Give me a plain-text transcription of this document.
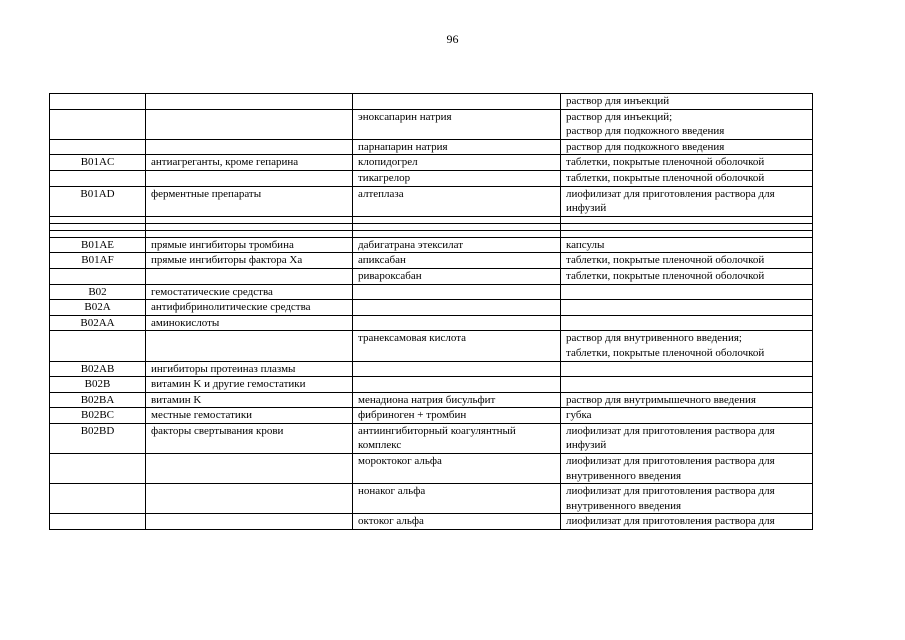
96
			раствор для инъекций
		эноксапарин натрия	раствор для инъекций;
раствор для подкожного введения
		парнапарин натрия	раствор для подкожного введения
B01AC	антиагреганты, кроме гепарина	клопидогрел	таблетки, покрытые пленочной оболочкой
		тикагрелор	таблетки, покрытые пленочной оболочкой
B01AD	ферментные препараты	алтеплаза	лиофилизат для приготовления раствора для
инфузий

B01AE	прямые ингибиторы тромбина	дабигатрана этексилат	капсулы
B01AF	прямые ингибиторы фактора Xa	апиксабан	таблетки, покрытые пленочной оболочкой
		ривароксабан	таблетки, покрытые пленочной оболочкой
B02	гемостатические средства		
B02A	антифибринолитические средства		
B02AA	аминокислоты		
		транексамовая кислота	раствор для внутривенного введения;
таблетки, покрытые пленочной оболочкой
B02AB	ингибиторы протеиназ плазмы		
B02B	витамин K и другие гемостатики		
B02BA	витамин K	менадиона натрия бисульфит	раствор для внутримышечного введения
B02BC	местные гемостатики	фибриноген + тромбин	губка
B02BD	факторы свертывания крови	антиингибиторный коагулянтный
комплекс	лиофилизат для приготовления раствора для
инфузий
		мороктоког альфа	лиофилизат для приготовления раствора для
внутривенного введения
		нонаког альфа	лиофилизат для приготовления раствора для
внутривенного введения
		октоког альфа	лиофилизат для приготовления раствора для
